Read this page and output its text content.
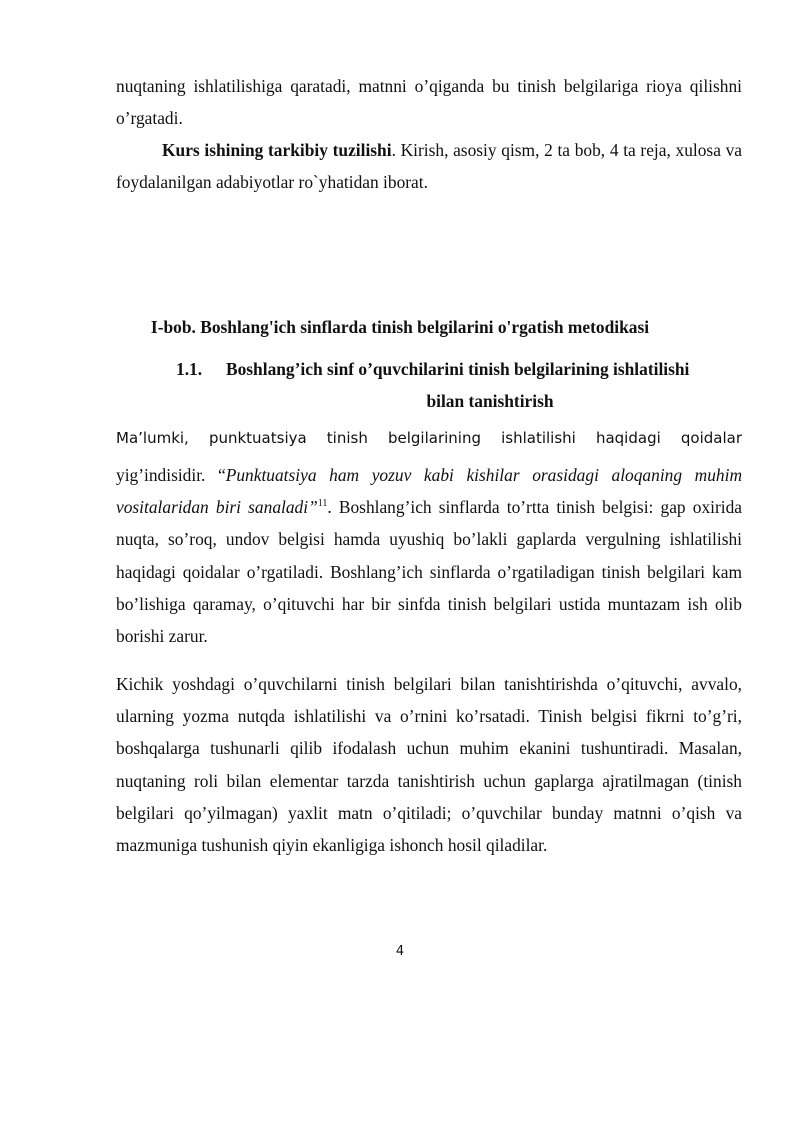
nuqtaning ishlatilishiga qaratadi, matnni o’qiganda bu tinish belgilariga rioya qilishni o’rgatadi.

Kurs ishining tarkibiy tuzilishi. Kirish, asosiy qism, 2 ta bob, 4 ta reja, xulosa va foydalanilgan adabiyotlar ro`yhatidan iborat.

I-bob. Boshlang'ich sinflarda tinish belgilarini o'rgatish metodikasi
1.1. Boshlang’ich sinf o’quvchilarini tinish belgilarining ishlatilishi
bilan tanishtirish
Ma’lumki, punktuatsiya tinish belgilarining ishlatilishi haqidagi qoidalar

yig’indisidir. “Punktuatsiya ham yozuv kabi kishilar orasidagi aloqaning muhim vositalaridan biri sanaladi”$^{11}$. Boshlang’ich sinflarda to’rtta tinish belgisi: gap oxirida nuqta, so’roq, undov belgisi hamda uyushiq bo’lakli gaplarda vergulning ishlatilishi haqidagi qoidalar o’rgatiladi. Boshlang’ich sinflarda o’rgatiladigan tinish belgilari kam bo’lishiga qaramay, o’qituvchi har bir sinfda tinish belgilari ustida muntazam ish olib borishi zarur.

Kichik yoshdagi o’quvchilarni tinish belgilari bilan tanishtirishda o’qituvchi, avvalo, ularning yozma nutqda ishlatilishi va o’rnini ko’rsatadi. Tinish belgisi fikrni to’g’ri, boshqalarga tushunarli qilib ifodalash uchun muhim ekanini tushuntiradi. Masalan, nuqtaning roli bilan elementar tarzda tanishtirish uchun gaplarga ajratilmagan (tinish belgilari qo’yilmagan) yaxlit matn o’qitiladi; o’quvchilar bunday matnni o’qish va mazmuniga tushunish qiyin ekanligiga ishonch hosil qiladilar.

4
